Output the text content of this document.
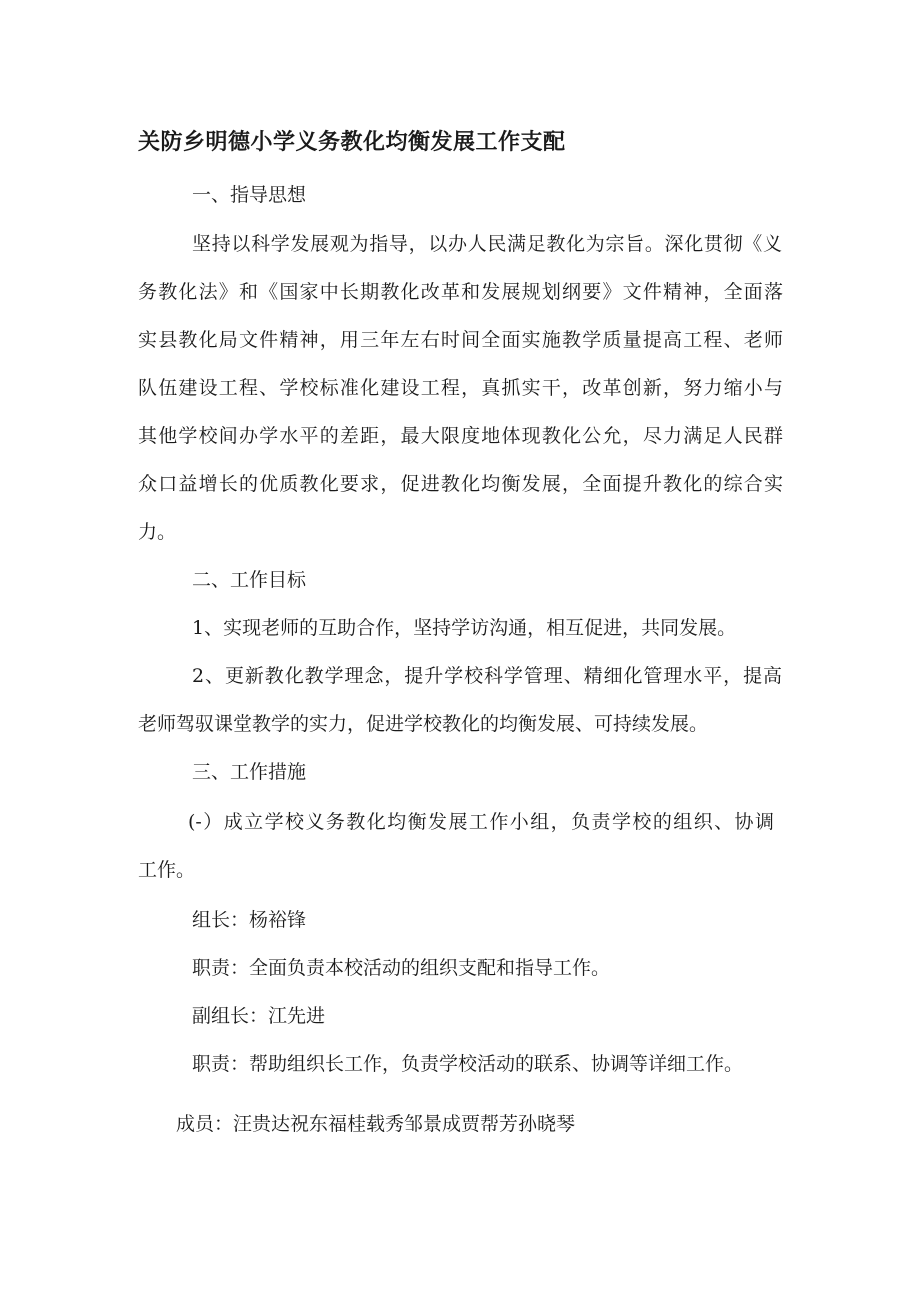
关防乡明德小学义务教化均衡发展工作支配
一、指导思想
坚持以科学发展观为指导，以办人民满足教化为宗旨。深化贯彻《义
务教化法》和《国家中长期教化改革和发展规划纲要》文件精神，全面落
实县教化局文件精神，用三年左右时间全面实施教学质量提高工程、老师
队伍建设工程、学校标准化建设工程，真抓实干，改革创新，努力缩小与
其他学校间办学水平的差距，最大限度地体现教化公允，尽力满足人民群
众口益增长的优质教化要求，促进教化均衡发展，全面提升教化的综合实
力。
二、工作目标
1、实现老师的互助合作，坚持学访沟通，相互促进，共同发展。
2、更新教化教学理念，提升学校科学管理、精细化管理水平，提高
老师驾驭课堂教学的实力，促进学校教化的均衡发展、可持续发展。
三、工作措施
(-）成立学校义务教化均衡发展工作小组，负责学校的组织、协调
工作。
组长：杨裕锋
职责：全面负责本校活动的组织支配和指导工作。
副组长：江先进
职责：帮助组织长工作，负责学校活动的联系、协调等详细工作。
成员：汪贵达祝东福桂载秀邹景成贾帮芳孙晓琴
